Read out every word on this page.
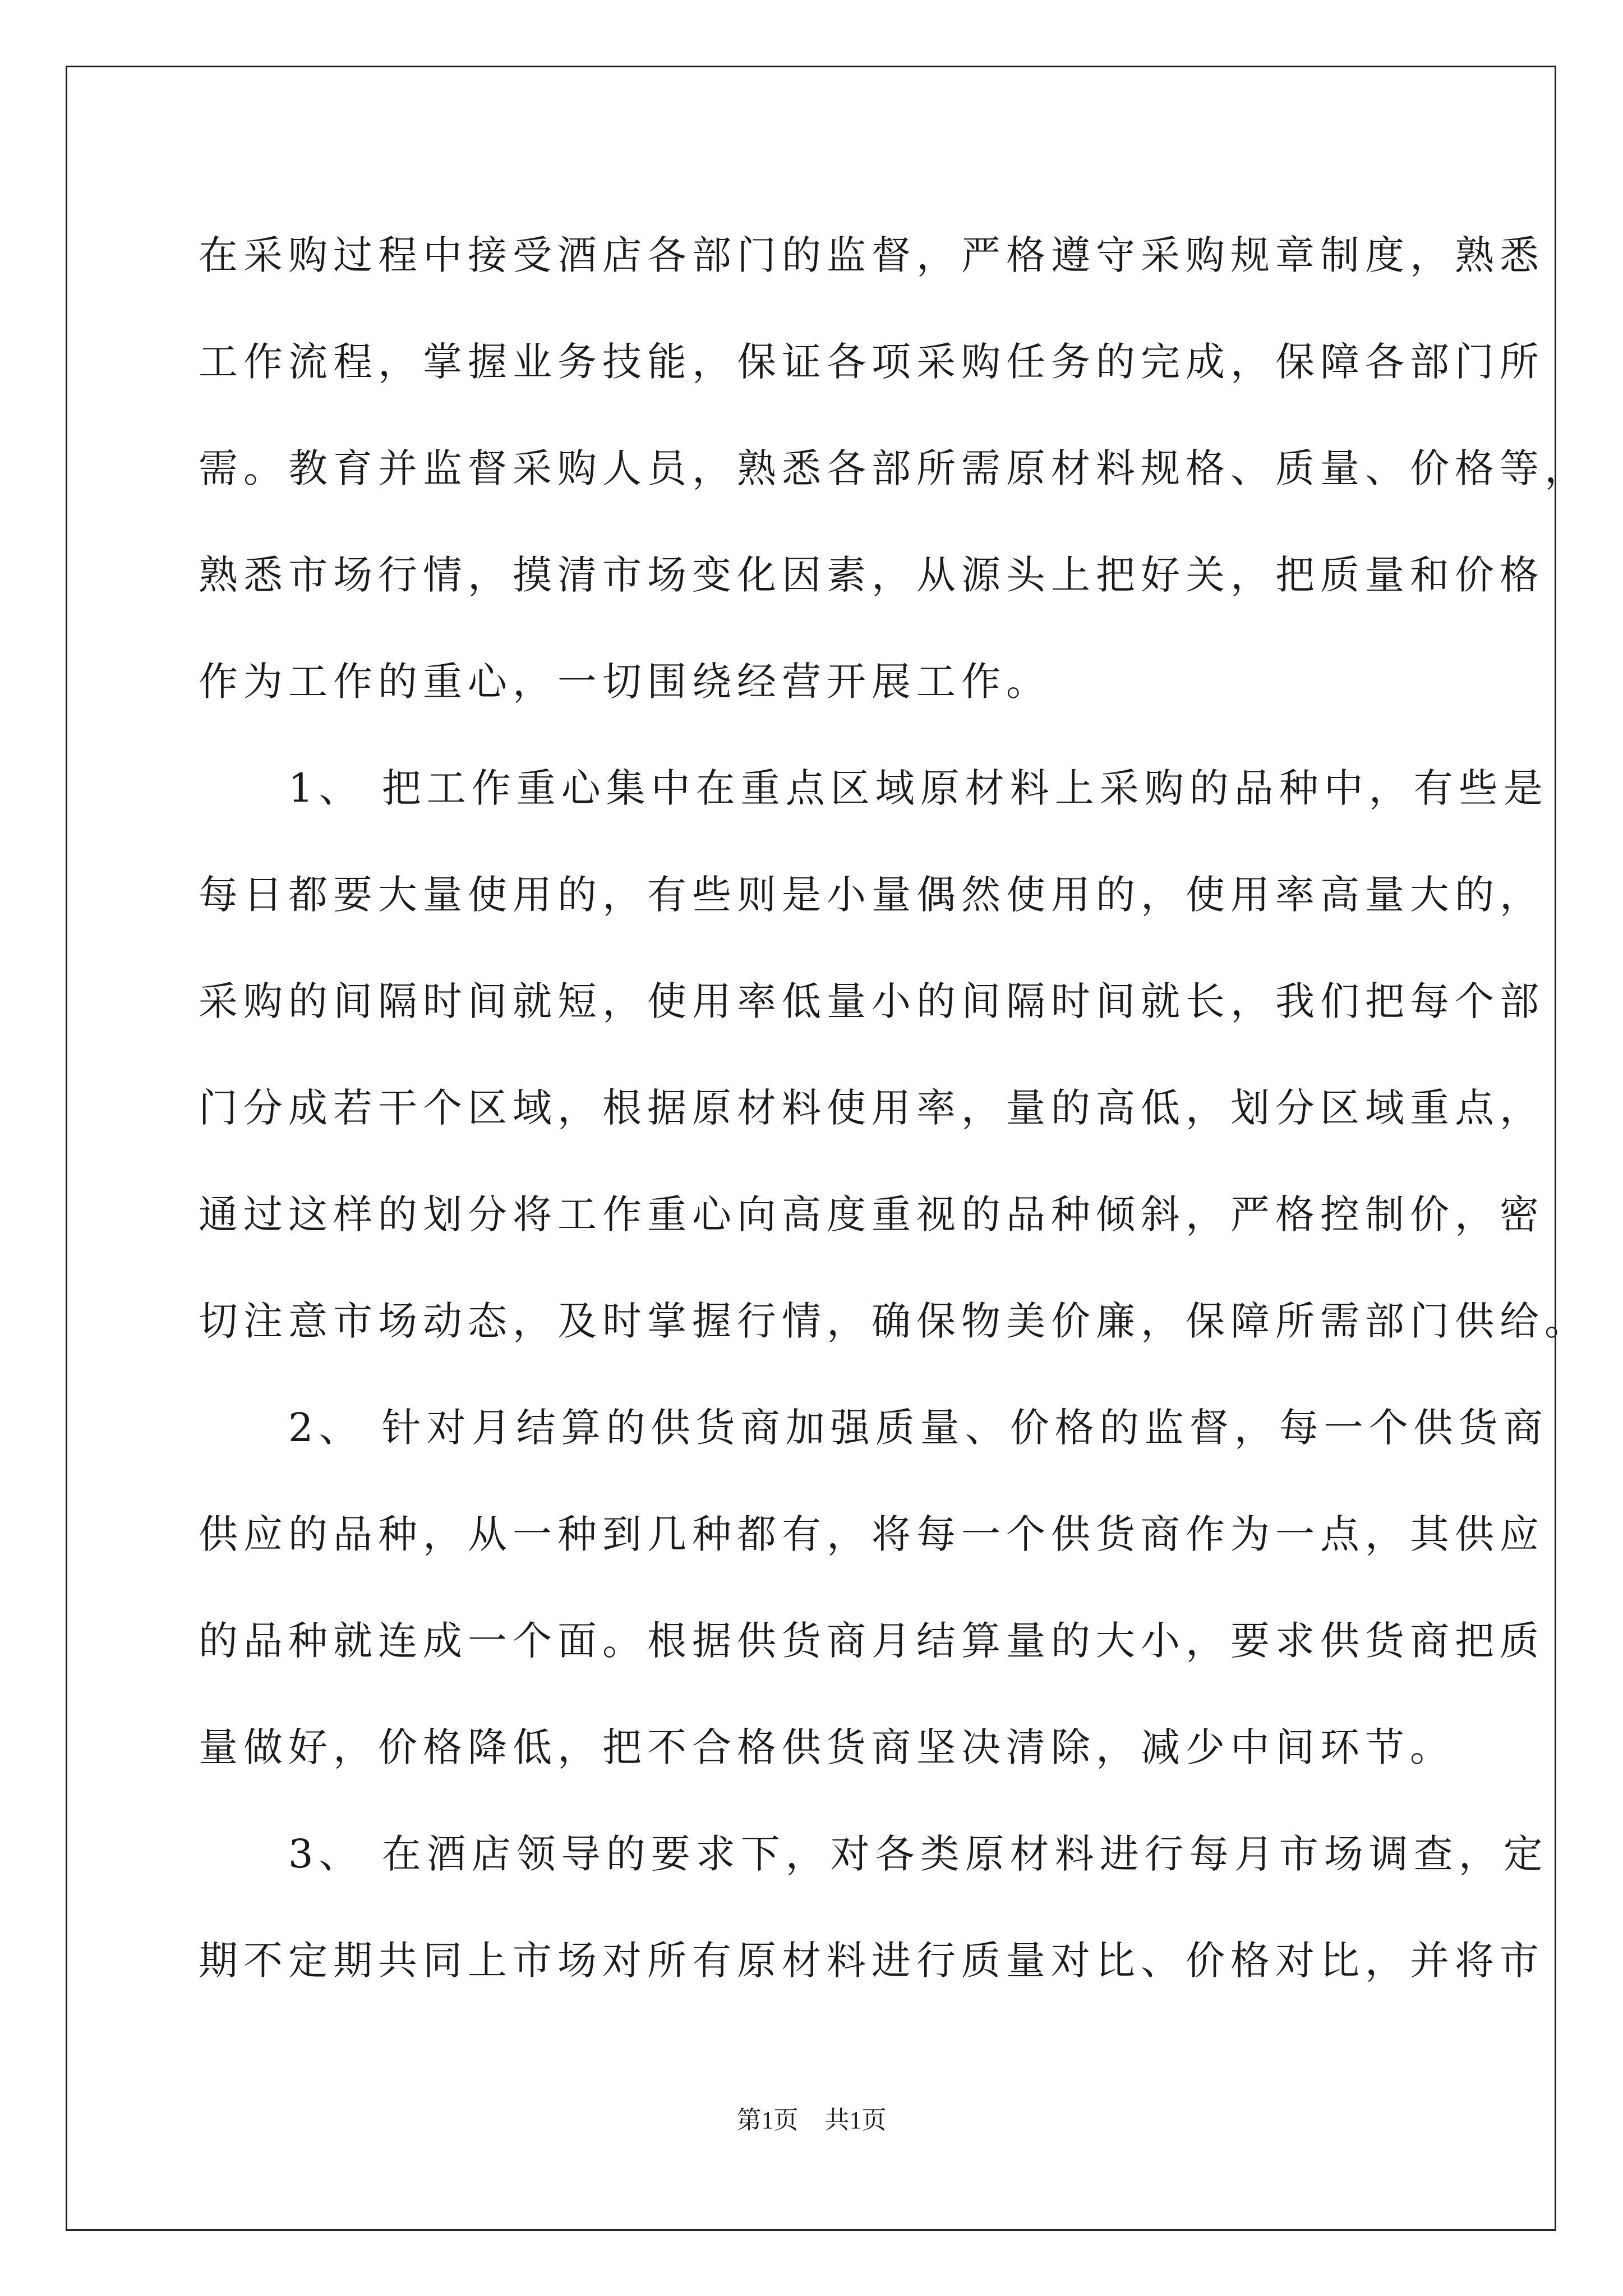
在采购过程中接受酒店各部门的监督，严格遵守采购规章制度，熟悉
工作流程，掌握业务技能，保证各项采购任务的完成，保障各部门所
需。教育并监督采购人员，熟悉各部所需原材料规格、质量、价格等，
熟悉市场行情，摸清市场变化因素，从源头上把好关，把质量和价格
作为工作的重心，一切围绕经营开展工作。
　　1、 把工作重心集中在重点区域原材料上采购的品种中，有些是
每日都要大量使用的，有些则是小量偶然使用的，使用率高量大的，
采购的间隔时间就短，使用率低量小的间隔时间就长，我们把每个部
门分成若干个区域，根据原材料使用率，量的高低，划分区域重点，
通过这样的划分将工作重心向高度重视的品种倾斜，严格控制价，密
切注意市场动态，及时掌握行情，确保物美价廉，保障所需部门供给。
　　2、 针对月结算的供货商加强质量、价格的监督，每一个供货商
供应的品种，从一种到几种都有，将每一个供货商作为一点，其供应
的品种就连成一个面。根据供货商月结算量的大小，要求供货商把质
量做好，价格降低，把不合格供货商坚决清除，减少中间环节。
　　3、 在酒店领导的要求下，对各类原材料进行每月市场调查，定
期不定期共同上市场对所有原材料进行质量对比、价格对比，并将市
第1页 共1页
